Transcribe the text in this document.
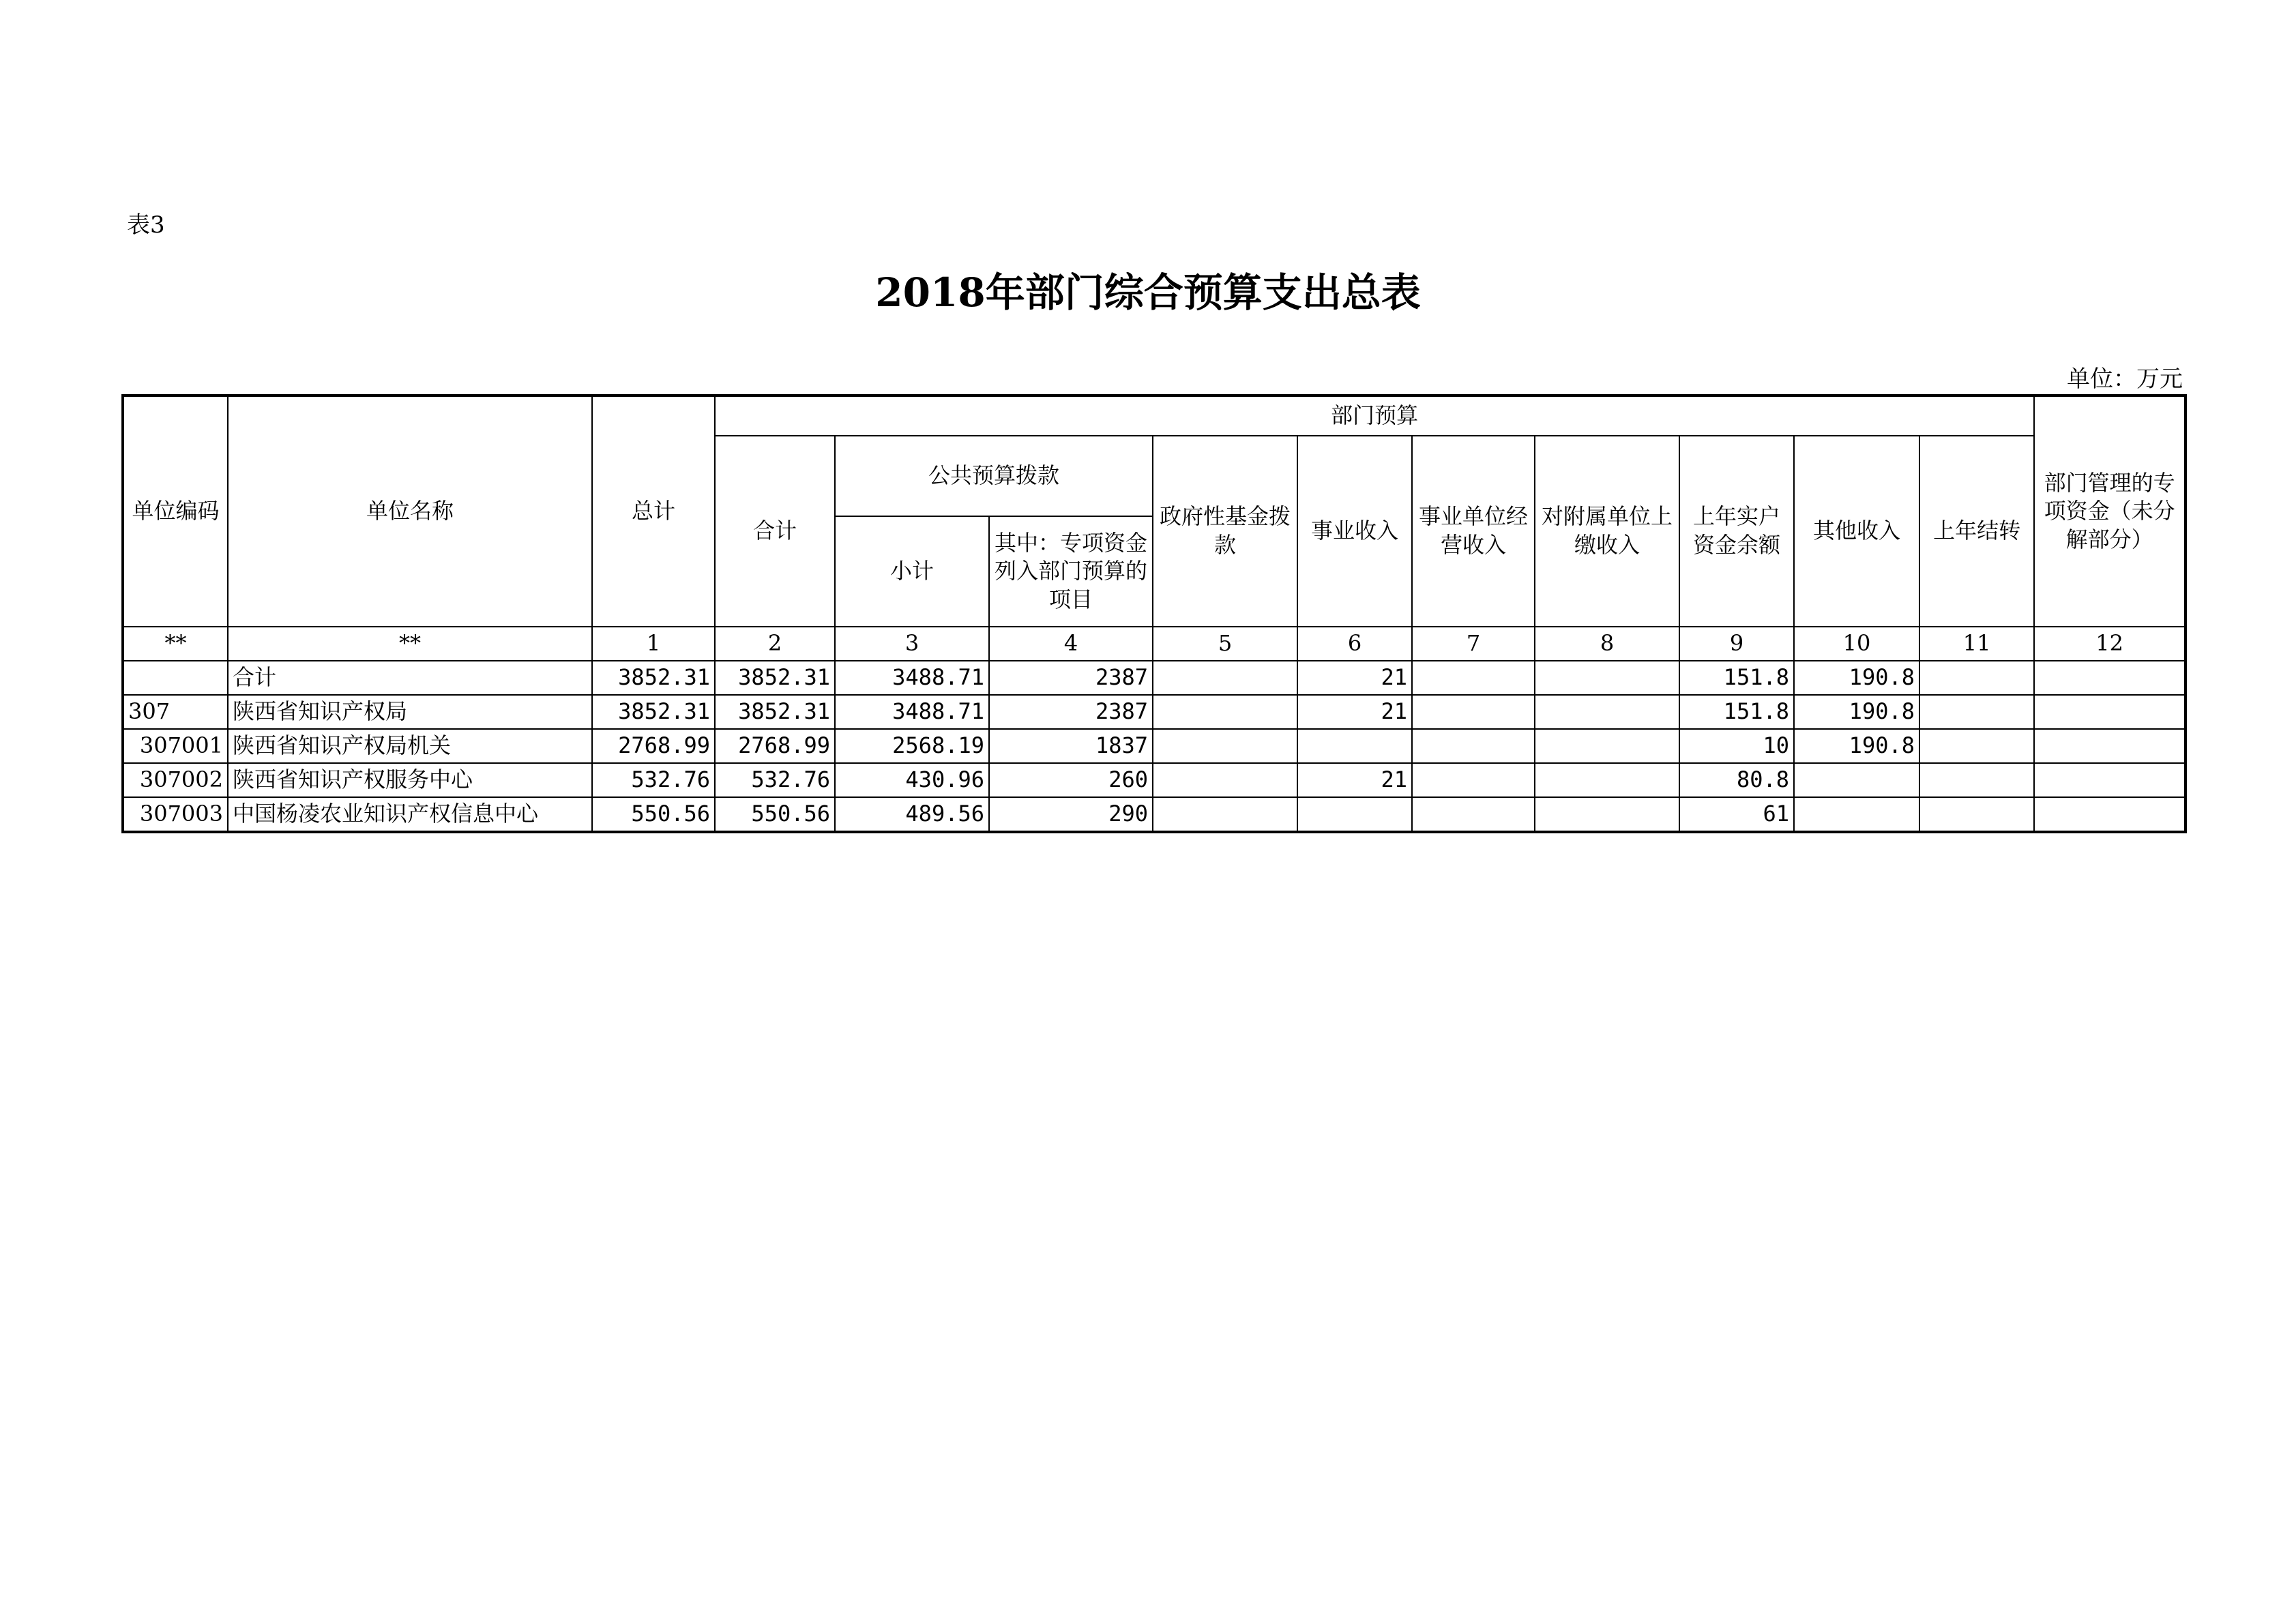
表3
2018年部门综合预算支出总表
单位：万元
单位编码	单位名称	总计	部门预算										部门管理的专项资金（未分解部分）
			合计	公共预算拨款		政府性基金拨款	事业收入	事业单位经营收入	对附属单位上缴收入	上年实户资金余额	其他收入	上年结转	
				小计	其中：专项资金列入部门预算的项目								
**	**	1	2	3	4	5	6	7	8	9	10	11	12
	合计	3852.31	3852.31	3488.71	2387		21			151.8	190.8		
307	陕西省知识产权局	3852.31	3852.31	3488.71	2387		21			151.8	190.8		
307001	陕西省知识产权局机关	2768.99	2768.99	2568.19	1837					10	190.8		
307002	陕西省知识产权服务中心	532.76	532.76	430.96	260		21			80.8			
307003	中国杨凌农业知识产权信息中心	550.56	550.56	489.56	290					61			
